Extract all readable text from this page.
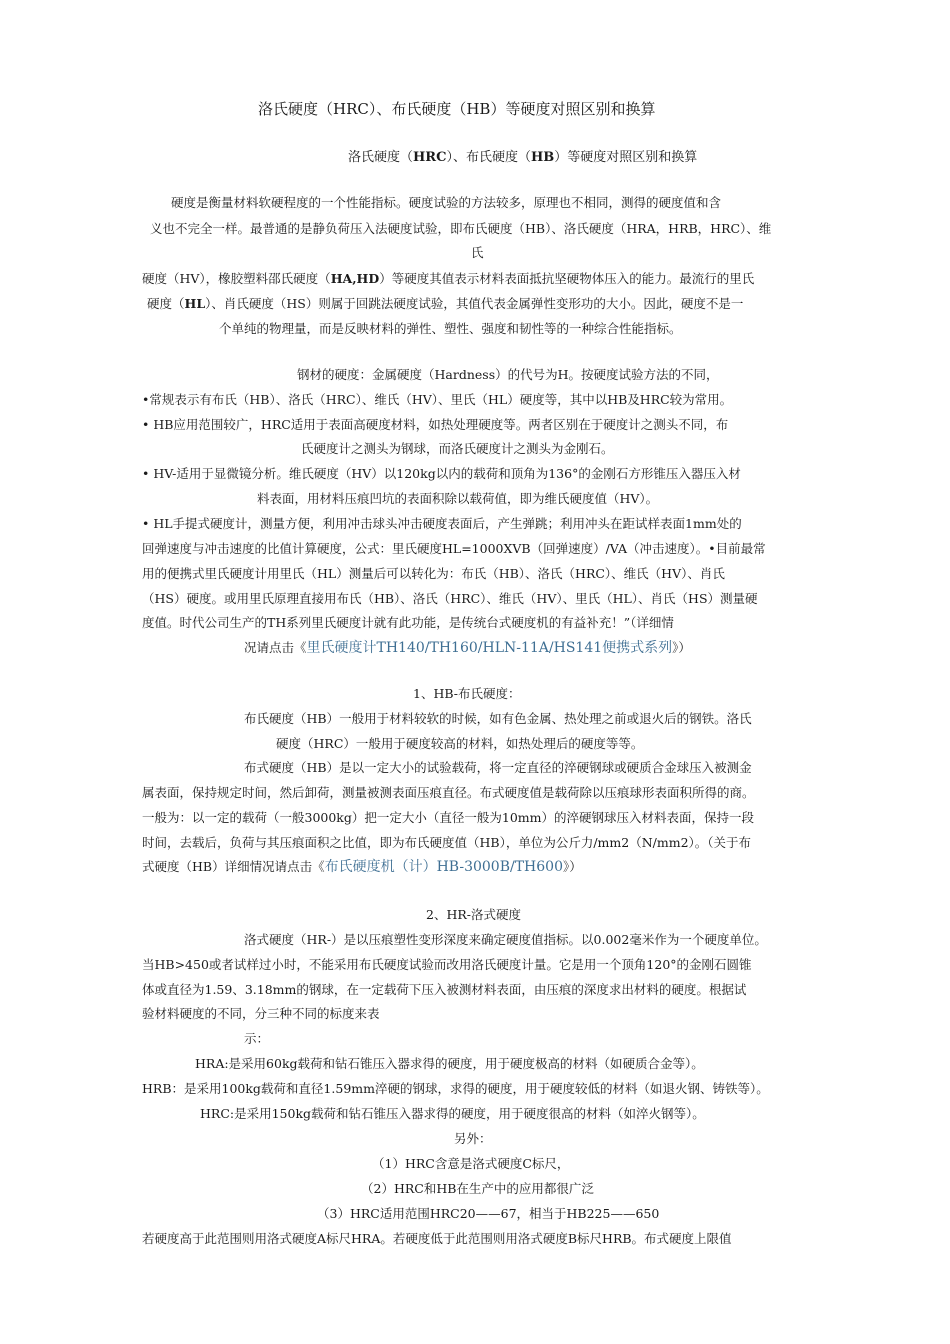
洛氏硬度（HRC）、布氏硬度（HB）等硬度对照区别和换算
洛氏硬度（HRC）、布氏硬度（HB）等硬度对照区别和换算
硬度是衡量材料软硬程度的一个性能指标。硬度试验的方法较多，原理也不相同，测得的硬度值和含
义也不完全一样。最普通的是静负荷压入法硬度试验，即布氏硬度（HB）、洛氏硬度（HRA，HRB，HRC）、维
氏
硬度（HV），橡胶塑料邵氏硬度（HA,HD）等硬度其值表示材料表面抵抗坚硬物体压入的能力。最流行的里氏
硬度（HL）、肖氏硬度（HS）则属于回跳法硬度试验，其值代表金属弹性变形功的大小。因此，硬度不是一
个单纯的物理量，而是反映材料的弹性、塑性、强度和韧性等的一种综合性能指标。
钢材的硬度：金属硬度（Hardness）的代号为H。按硬度试验方法的不同，
•常规表示有布氏（HB）、洛氏（HRC）、维氏（HV）、里氏（HL）硬度等，其中以HB及HRC较为常用。
• HB应用范围较广，HRC适用于表面高硬度材料，如热处理硬度等。两者区别在于硬度计之测头不同，布
氏硬度计之测头为钢球，而洛氏硬度计之测头为金刚石。
• HV-适用于显微镜分析。维氏硬度（HV）以120kg以内的载荷和顶角为136°的金刚石方形锥压入器压入材
料表面，用材料压痕凹坑的表面积除以载荷值，即为维氏硬度值（HV）。
• HL手提式硬度计，测量方便，利用冲击球头冲击硬度表面后，产生弹跳；利用冲头在距试样表面1mm处的
回弹速度与冲击速度的比值计算硬度，公式：里氏硬度HL=1000XVB（回弹速度）/VA（冲击速度）。•目前最常
用的便携式里氏硬度计用里氏（HL）测量后可以转化为：布氏（HB）、洛氏（HRC）、维氏（HV）、肖氏
（HS）硬度。或用里氏原理直接用布氏（HB）、洛氏（HRC）、维氏（HV）、里氏（HL）、肖氏（HS）测量硬
度值。时代公司生产的TH系列里氏硬度计就有此功能，是传统台式硬度机的有益补充！”（详细情
况请点击《里氏硬度计TH140/TH160/HLN-11A/HS141便携式系列》）
1、HB-布氏硬度：
布氏硬度（HB）一般用于材料较软的时候，如有色金属、热处理之前或退火后的钢铁。洛氏
硬度（HRC）一般用于硬度较高的材料，如热处理后的硬度等等。
布式硬度（HB）是以一定大小的试验载荷，将一定直径的淬硬钢球或硬质合金球压入被测金
属表面，保持规定时间，然后卸荷，测量被测表面压痕直径。布式硬度值是载荷除以压痕球形表面积所得的商。
一般为：以一定的载荷（一般3000kg）把一定大小（直径一般为10mm）的淬硬钢球压入材料表面，保持一段
时间，去载后，负荷与其压痕面积之比值，即为布氏硬度值（HB），单位为公斤力/mm2（N/mm2）。（关于布
式硬度（HB）详细情况请点击《布氏硬度机（计）HB-3000B/TH600》）
2、HR-洛式硬度
洛式硬度（HR-）是以压痕塑性变形深度来确定硬度值指标。以0.002毫米作为一个硬度单位。
当HB>450或者试样过小时，不能采用布氏硬度试验而改用洛氏硬度计量。它是用一个顶角120°的金刚石圆锥
体或直径为1.59、3.18mm的钢球，在一定载荷下压入被测材料表面，由压痕的深度求出材料的硬度。根据试
验材料硬度的不同，分三种不同的标度来表
示：
HRA:是采用60kg载荷和钻石锥压入器求得的硬度，用于硬度极高的材料（如硬质合金等）。
HRB：是采用100kg载荷和直径1.59mm淬硬的钢球，求得的硬度，用于硬度较低的材料（如退火钢、铸铁等）。
HRC:是采用150kg载荷和钻石锥压入器求得的硬度，用于硬度很高的材料（如淬火钢等）。
另外：
（1）HRC含意是洛式硬度C标尺，
（2）HRC和HB在生产中的应用都很广泛
（3）HRC适用范围HRC20——67，相当于HB225——650
若硬度高于此范围则用洛式硬度A标尺HRA。若硬度低于此范围则用洛式硬度B标尺HRB。布式硬度上限值
